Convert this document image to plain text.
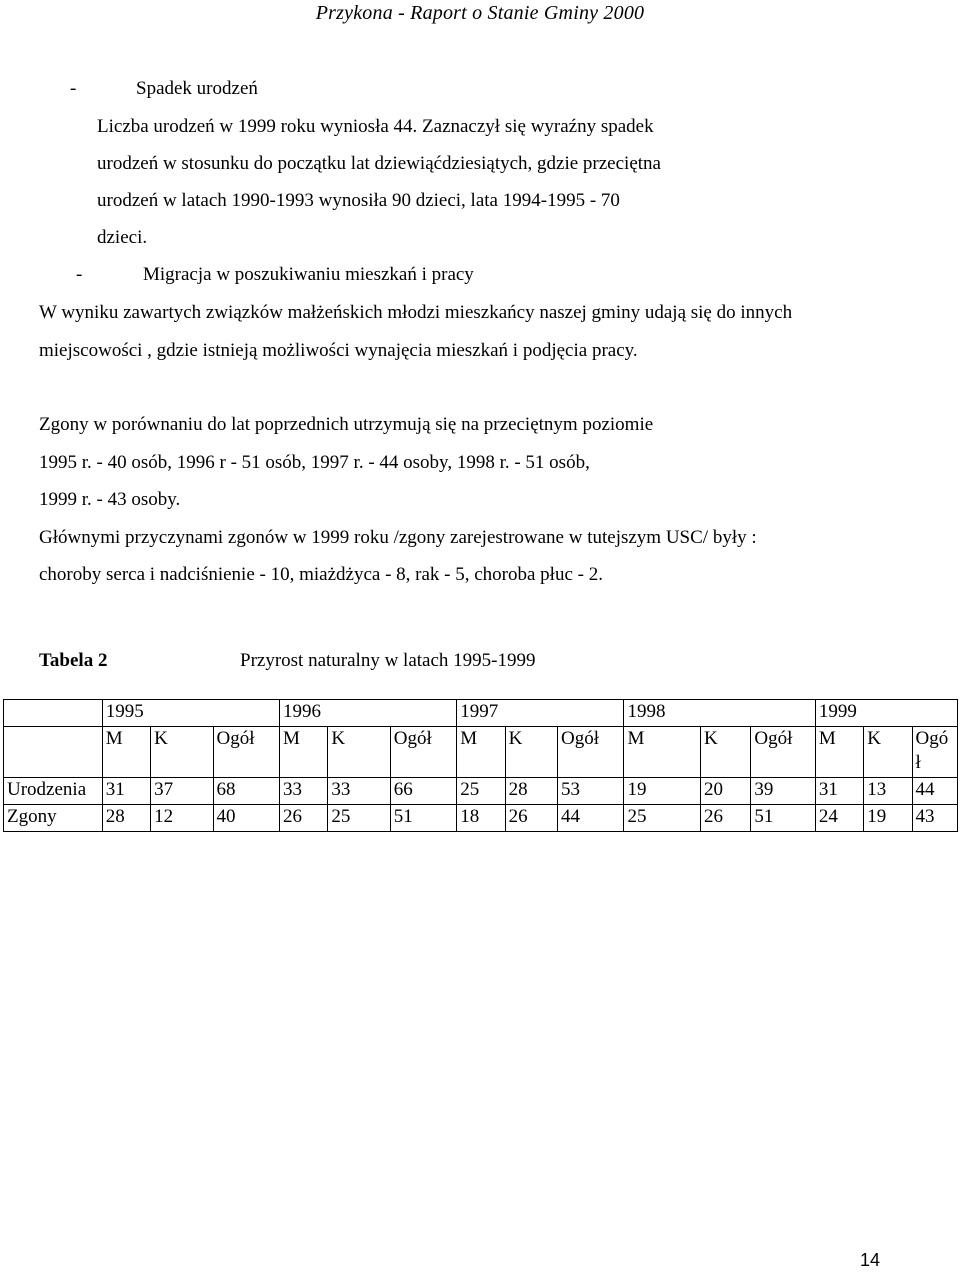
Przykona - Raport o Stanie Gminy 2000
-	Spadek urodzeń
Liczba urodzeń w 1999 roku wyniosła 44. Zaznaczył się wyraźny spadek
urodzeń w stosunku do początku lat dziewiąćdziesiątych, gdzie przeciętna
urodzeń w latach 1990-1993 wynosiła 90 dzieci, lata 1994-1995 - 70
dzieci.
-	Migracja w poszukiwaniu mieszkań i pracy
W wyniku zawartych związków małżeńskich młodzi mieszkańcy naszej gminy udają się do innych
miejscowości , gdzie istnieją możliwości wynajęcia mieszkań i podjęcia pracy.
Zgony w porównaniu do lat poprzednich utrzymują się na przeciętnym poziomie
1995 r. - 40 osób, 1996 r - 51 osób, 1997 r. - 44 osoby, 1998 r. - 51 osób,
1999 r. - 43 osoby.
Głównymi przyczynami zgonów w 1999 roku /zgony zarejestrowane w tutejszym USC/ były :
choroby serca i nadciśnienie - 10, miażdżyca - 8, rak - 5, choroba płuc - 2.
Tabela 2	Przyrost naturalny w latach 1995-1999
	1995			1996			1997			1998			1999		
	M	K	Ogół	M	K	Ogół	M	K	Ogół	M	K	Ogół	M	K	Ogó ł
Urodzenia	31	37	68	33	33	66	25	28	53	19	20	39	31	13	44
Zgony	28	12	40	26	25	51	18	26	44	25	26	51	24	19	43
14
